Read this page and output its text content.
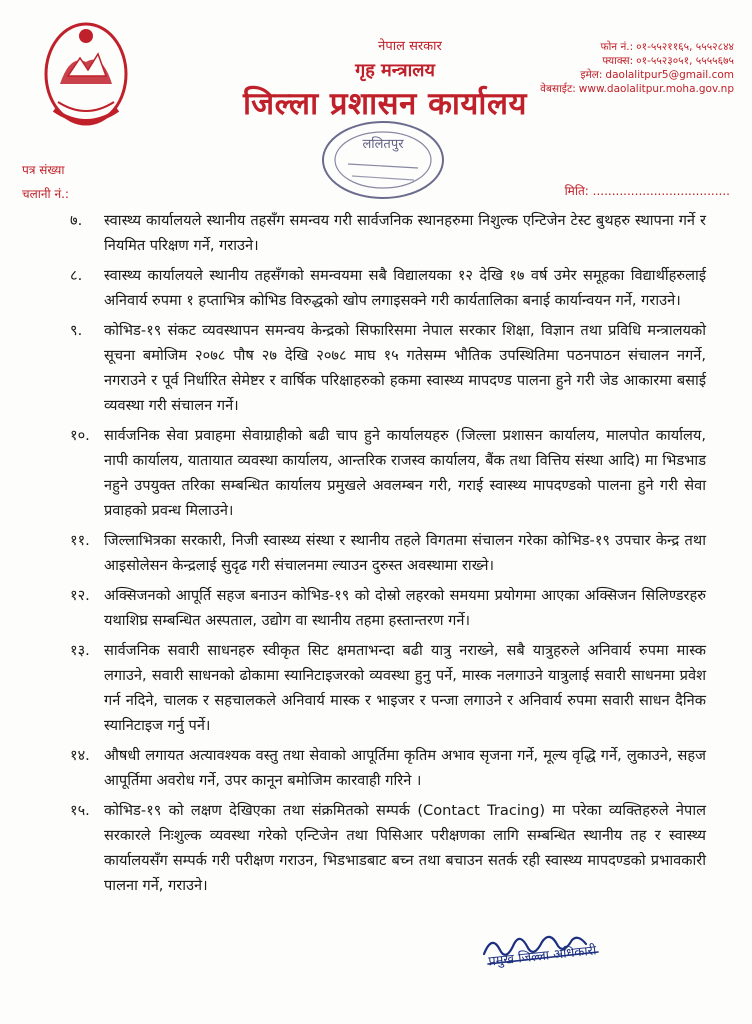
नेपाल सरकार
गृह मन्त्रालय
जिल्ला प्रशासन कार्यालय
फोन नं.: ०१-५५२११६५, ५५५२८४४
फ्याक्स: ०१-५५२३०५१, ५५५५६७५
इमेल: daolalitpur5@gmail.com
वेबसाईट: www.daolalitpur.moha.gov.np
ललितपुर
पत्र संख्या
चलानी नं.:	मिति: ....................................
७.	स्वास्थ्य कार्यालयले स्थानीय तहसँग समन्वय गरी सार्वजनिक स्थानहरुमा निशुल्क एन्टिजेन टेस्ट बुथहरु स्थापना गर्ने र नियमित परिक्षण गर्ने, गराउने।
८.	स्वास्थ्य कार्यालयले स्थानीय तहसँगको समन्वयमा सबै विद्यालयका १२ देखि १७ वर्ष उमेर समूहका विद्यार्थीहरुलाई अनिवार्य रुपमा १ हप्ताभित्र कोभिड विरुद्धको खोप लगाइसक्ने गरी कार्यतालिका बनाई कार्यान्वयन गर्ने, गराउने।
९.	कोभिड-१९ संकट व्यवस्थापन समन्वय केन्द्रको सिफारिसमा नेपाल सरकार शिक्षा, विज्ञान तथा प्रविधि मन्त्रालयको सूचना बमोजिम २०७८ पौष २७ देखि २०७८ माघ १५ गतेसम्म भौतिक उपस्थितिमा पठनपाठन संचालन नगर्ने, नगराउने र पूर्व निर्धारित सेमेष्टर र वार्षिक परिक्षाहरुको हकमा स्वास्थ्य मापदण्ड पालना हुने गरी जेड आकारमा बसाई व्यवस्था गरी संचालन गर्ने।
१०. सार्वजनिक सेवा प्रवाहमा सेवाग्राहीको बढी चाप हुने कार्यालयहरु (जिल्ला प्रशासन कार्यालय, मालपोत कार्यालय, नापी कार्यालय, यातायात व्यवस्था कार्यालय, आन्तरिक राजस्व कार्यालय, बैंक तथा वित्तिय संस्था आदि) मा भिडभाड नहुने उपयुक्त तरिका सम्बन्धित कार्यालय प्रमुखले अवलम्बन गरी, गराई स्वास्थ्य मापदण्डको पालना हुने गरी सेवा प्रवाहको प्रवन्ध मिलाउने।
११. जिल्लाभित्रका सरकारी, निजी स्वास्थ्य संस्था र स्थानीय तहले विगतमा संचालन गरेका कोभिड-१९ उपचार केन्द्र तथा आइसोलेसन केन्द्रलाई सुदृढ गरी संचालनमा ल्याउन दुरुस्त अवस्थामा राख्ने।
१२. अक्सिजनको आपूर्ति सहज बनाउन कोभिड-१९ को दोस्रो लहरको समयमा प्रयोगमा आएका अक्सिजन सिलिण्डरहरु यथाशिघ्र सम्बन्धित अस्पताल, उद्योग वा स्थानीय तहमा हस्तान्तरण गर्ने।
१३. सार्वजनिक सवारी साधनहरु स्वीकृत सिट क्षमताभन्दा बढी यात्रु नराख्ने, सबै यात्रुहरुले अनिवार्य रुपमा मास्क लगाउने, सवारी साधनको ढोकामा स्यानिटाइजरको व्यवस्था हुनु पर्ने, मास्क नलगाउने यात्रुलाई सवारी साधनमा प्रवेश गर्न नदिने, चालक र सहचालकले अनिवार्य मास्क र भाइजर र पन्जा लगाउने र अनिवार्य रुपमा सवारी साधन दैनिक स्यानिटाइज गर्नु पर्ने।
१४. औषधी लगायत अत्यावश्यक वस्तु तथा सेवाको आपूर्तिमा कृतिम अभाव सृजना गर्ने, मूल्य वृद्धि गर्ने, लुकाउने, सहज आपूर्तिमा अवरोध गर्ने, उपर कानून बमोजिम कारवाही गरिने ।
१५. कोभिड-१९ को लक्षण देखिएका तथा संक्रमितको सम्पर्क (Contact Tracing) मा परेका व्यक्तिहरुले नेपाल सरकारले निःशुल्क व्यवस्था गरेको एन्टिजेन तथा पिसिआर परीक्षणका लागि सम्बन्धित स्थानीय तह र स्वास्थ्य कार्यालयसँग सम्पर्क गरी परीक्षण गराउन, भिडभाडबाट बच्न तथा बचाउन सतर्क रही स्वास्थ्य मापदण्डको प्रभावकारी पालना गर्ने, गराउने।
प्रमुख जिल्ला अधिकारी
